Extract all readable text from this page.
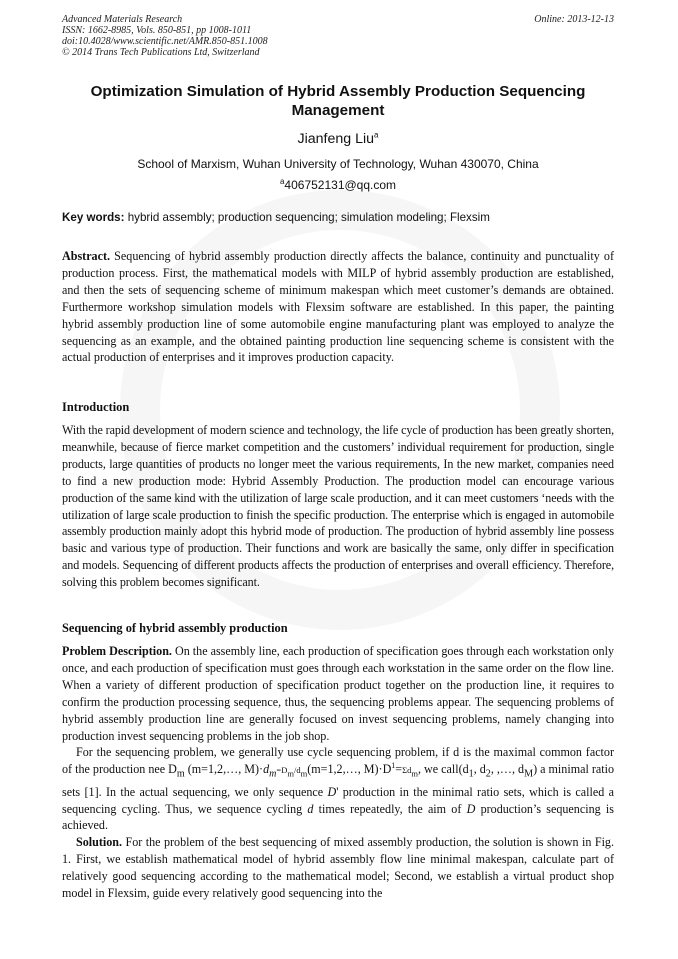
Advanced Materials Research
ISSN: 1662-8985, Vols. 850-851, pp 1008-1011
doi:10.4028/www.scientific.net/AMR.850-851.1008
© 2014 Trans Tech Publications Ltd, Switzerland
Online: 2013-12-13
Optimization Simulation of Hybrid Assembly Production Sequencing Management
Jianfeng Liu$^a$
School of Marxism, Wuhan University of Technology, Wuhan 430070, China
$^a$406752131@qq.com
Key words: hybrid assembly; production sequencing; simulation modeling; Flexsim
Abstract. Sequencing of hybrid assembly production directly affects the balance, continuity and punctuality of production process. First, the mathematical models with MILP of hybrid assembly production are established, and then the sets of sequencing scheme of minimum makespan which meet customer’s demands are obtained. Furthermore workshop simulation models with Flexsim software are established. In this paper, the painting hybrid assembly production line of some automobile engine manufacturing plant was employed to analyze the sequencing as an example, and the obtained painting production line sequencing scheme is consistent with the actual production of enterprises and it improves production capacity.
Introduction
With the rapid development of modern science and technology, the life cycle of production has been greatly shorten, meanwhile, because of fierce market competition and the customers’ individual requirement for production, single products, large quantities of products no longer meet the various requirements, In the new market, companies need to find a new production mode: Hybrid Assembly Production. The production model can encourage various production of the same kind with the utilization of large scale production, and it can meet customers ‘needs with the utilization of large scale production to finish the specific production. The enterprise which is engaged in automobile assembly production mainly adopt this hybrid mode of production. The production of hybrid assembly line possess basic and various type of production. Their functions and work are basically the same, only differ in specification and models. Sequencing of different products affects the production of enterprises and overall efficiency. Therefore, solving this problem becomes significant.
Sequencing of hybrid assembly production

Problem Description. On the assembly line, each production of specification goes through each workstation only once, and each production of specification must goes through each workstation in the same order on the flow line. When a variety of different production of specification product together on the production line, it requires to confirm the production processing sequence, thus, the sequencing problems appear. The sequencing problems of hybrid assembly production line are generally focused on invest sequencing problems, namely changing into production invest sequencing problems in the job shop.

For the sequencing problem, we generally use cycle sequencing problem, if d is the maximal common factor of the production nee $D_m$ (m=1,2,…, $M)\cdot d_m=D_m/d_m(m=1,2,\dots$, $M)\cdot D^1=\Sigma d_m$, we $call(d_1$, $d_2$, ,…, $d_M$) a minimal ratio sets [1]. In the actual sequencing, we only sequence D' production in the minimal ratio sets, which is called a sequencing cycling. Thus, we sequence cycling d times repeatedly, the aim of D production’s sequencing is achieved.

Solution. For the problem of the best sequencing of mixed assembly production, the solution is shown in Fig. 1. First, we establish mathematical model of hybrid assembly flow line minimal makespan, calculate part of relatively good sequencing according to the mathematical model; Second, we establish a virtual product shop model in Flexsim, guide every relatively good sequencing into the
